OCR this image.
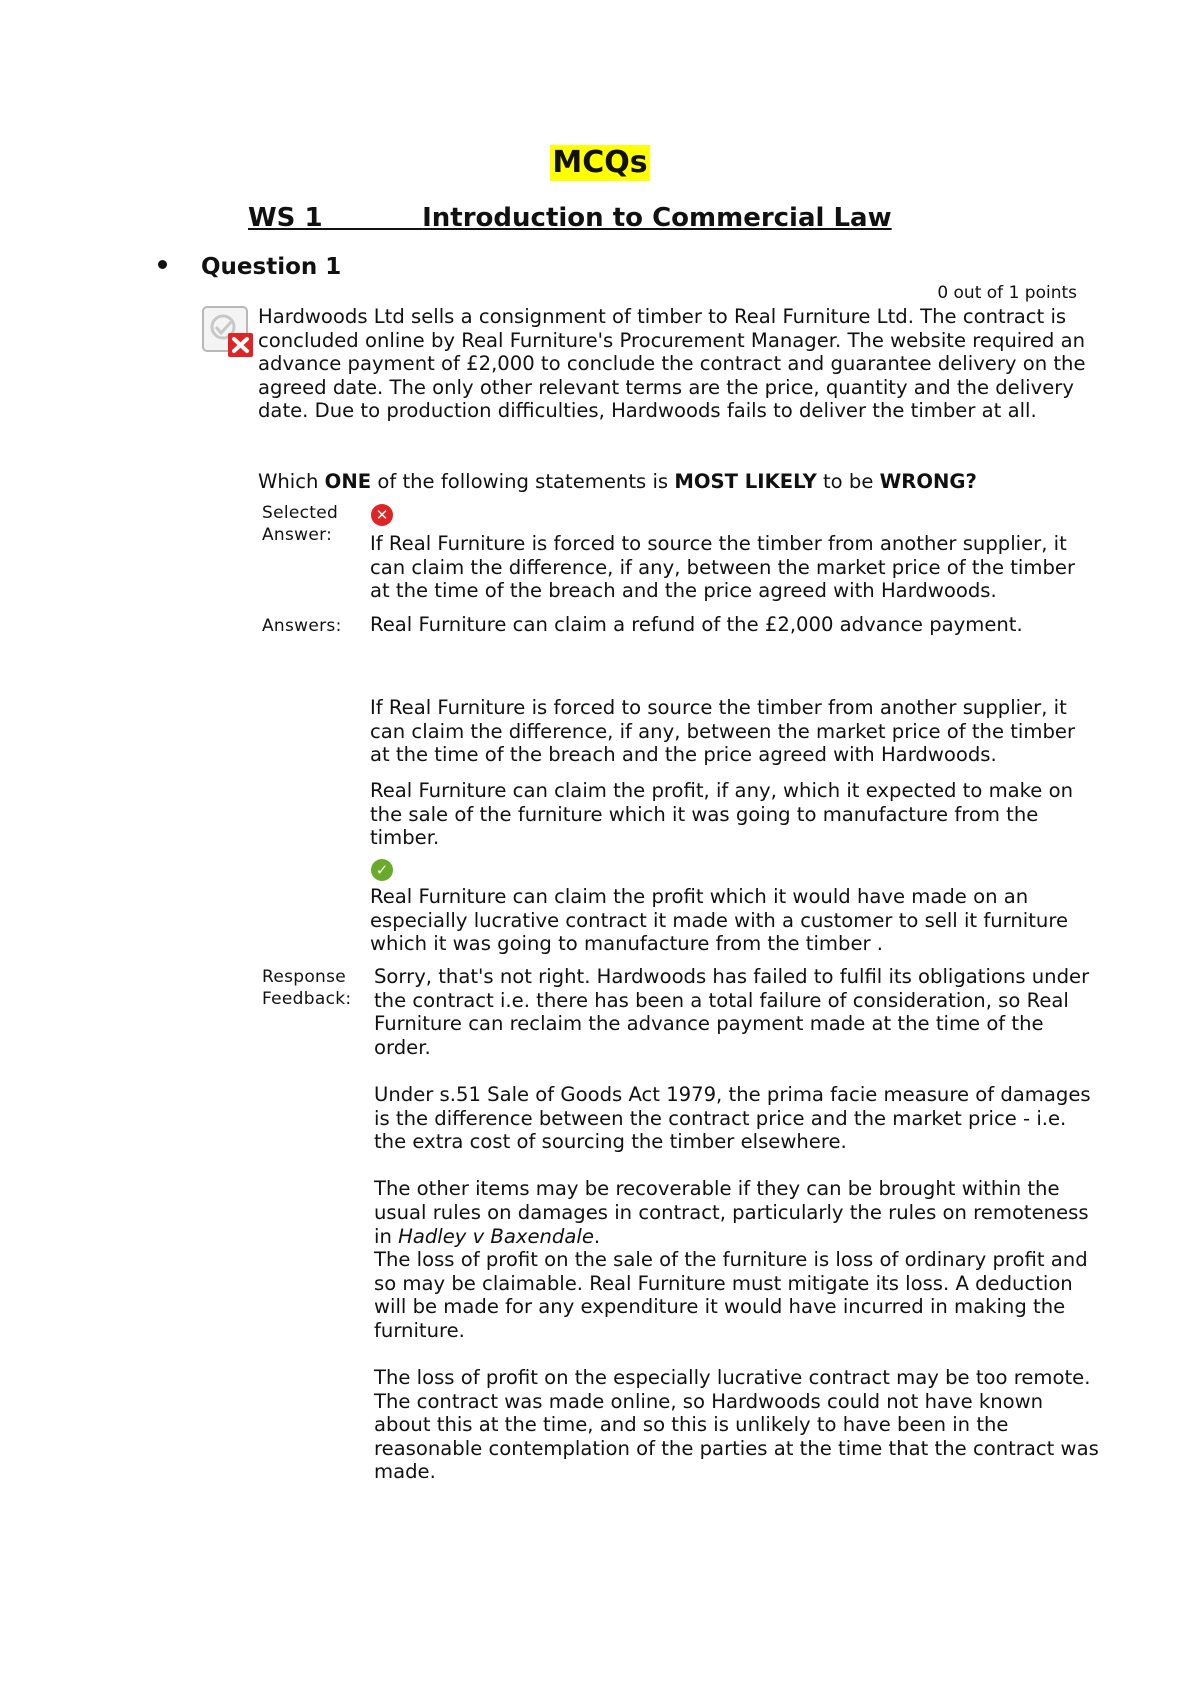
MCQs
WS 1	Introduction to Commercial Law
Question 1
0 out of 1 points
Hardwoods Ltd sells a consignment of timber to Real Furniture Ltd. The contract is concluded online by Real Furniture's Procurement Manager. The website required an advance payment of £2,000 to conclude the contract and guarantee delivery on the agreed date. The only other relevant terms are the price, quantity and the delivery date. Due to production difficulties, Hardwoods fails to deliver the timber at all.
Which ONE of the following statements is MOST LIKELY to be WRONG?
Selected
Answer:
✕
If Real Furniture is forced to source the timber from another supplier, it can claim the difference, if any, between the market price of the timber at the time of the breach and the price agreed with Hardwoods.
Answers: Real Furniture can claim a refund of the £2,000 advance payment.
If Real Furniture is forced to source the timber from another supplier, it can claim the difference, if any, between the market price of the timber at the time of the breach and the price agreed with Hardwoods.
Real Furniture can claim the profit, if any, which it expected to make on the sale of the furniture which it was going to manufacture from the timber.
✓
Real Furniture can claim the profit which it would have made on an especially lucrative contract it made with a customer to sell it furniture which it was going to manufacture from the timber .
Response
Feedback:

Sorry, that's not right. Hardwoods has failed to fulfil its obligations under the contract i.e. there has been a total failure of consideration, so Real Furniture can reclaim the advance payment made at the time of the order.

Under s.51 Sale of Goods Act 1979, the prima facie measure of damages is the difference between the contract price and the market price - i.e. the extra cost of sourcing the timber elsewhere.

The other items may be recoverable if they can be brought within the usual rules on damages in contract, particularly the rules on remoteness in Hadley v Baxendale.

The loss of profit on the sale of the furniture is loss of ordinary profit and so may be claimable. Real Furniture must mitigate its loss. A deduction will be made for any expenditure it would have incurred in making the furniture.

The loss of profit on the especially lucrative contract may be too remote. The contract was made online, so Hardwoods could not have known about this at the time, and so this is unlikely to have been in the reasonable contemplation of the parties at the time that the contract was made.
